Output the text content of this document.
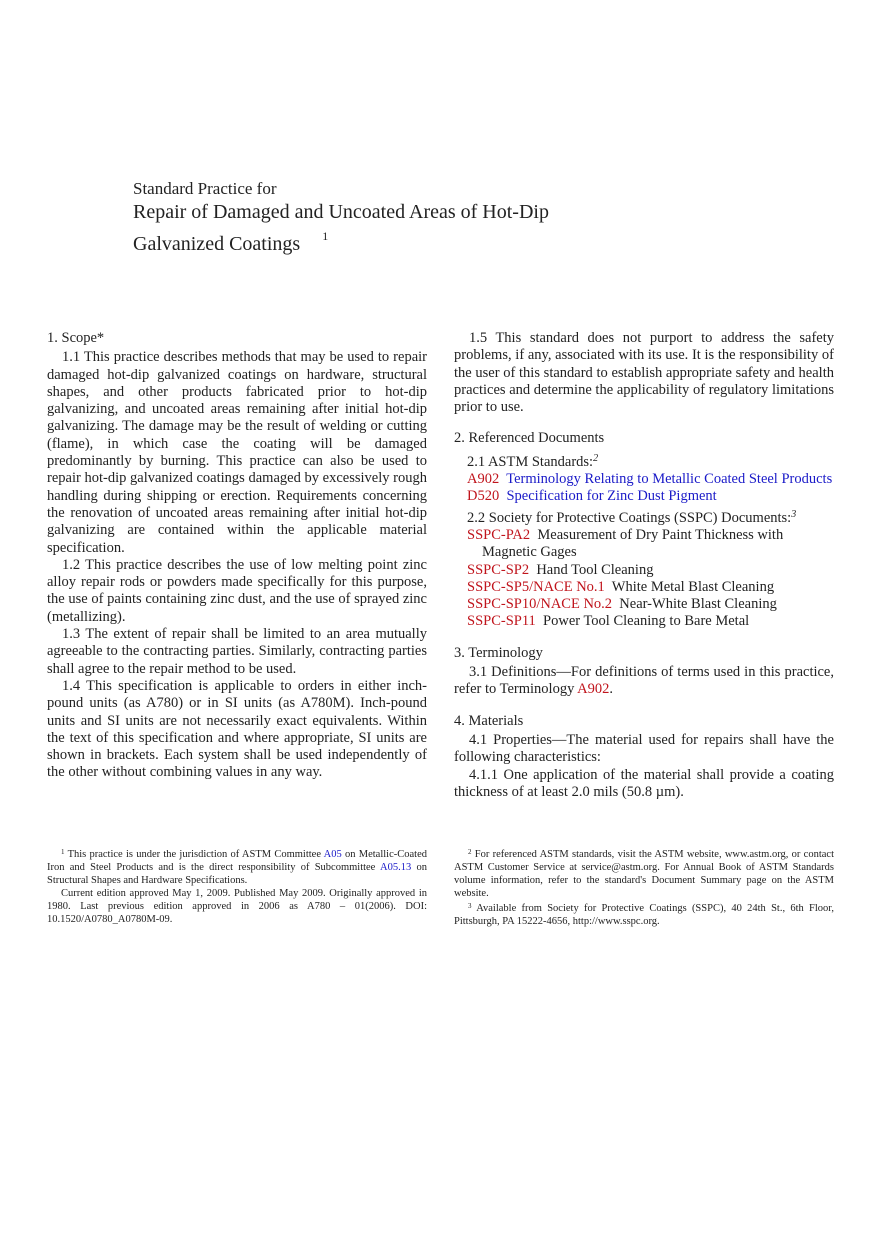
Standard Practice for
Repair of Damaged and Uncoated Areas of Hot-Dip
Galvanized Coatings $^1$
1. Scope*
1.1 This practice describes methods that may be used to repair damaged hot-dip galvanized coatings on hardware, structural shapes, and other products fabricated prior to hot-dip galvanizing, and uncoated areas remaining after initial hot-dip galvanizing. The damage may be the result of welding or cutting (flame), in which case the coating will be damaged predominantly by burning. This practice can also be used to repair hot-dip galvanized coatings damaged by excessively rough handling during shipping or erection. Requirements concerning the renovation of uncoated areas remaining after initial hot-dip galvanizing are contained within the applicable material specification.
1.2 This practice describes the use of low melting point zinc alloy repair rods or powders made specifically for this purpose, the use of paints containing zinc dust, and the use of sprayed zinc (metallizing).
1.3 The extent of repair shall be limited to an area mutually agreeable to the contracting parties. Similarly, contracting parties shall agree to the repair method to be used.
1.4 This specification is applicable to orders in either inch-pound units (as A780) or in SI units (as A780M). Inch-pound units and SI units are not necessarily exact equivalents. Within the text of this specification and where appropriate, SI units are shown in brackets. Each system shall be used independently of the other without combining values in any way.
1.5 This standard does not purport to address the safety problems, if any, associated with its use. It is the responsibility of the user of this standard to establish appropriate safety and health practices and determine the applicability of regulatory limitations prior to use.
2. Referenced Documents
2.1 ASTM Standards:$^2$
A902 Terminology Relating to Metallic Coated Steel Products
D520 Specification for Zinc Dust Pigment
2.2 Society for Protective Coatings (SSPC) Documents:$^3$
SSPC-PA2 Measurement of Dry Paint Thickness with Magnetic Gages
SSPC-SP2 Hand Tool Cleaning
SSPC-SP5/NACE No.1 White Metal Blast Cleaning
SSPC-SP10/NACE No.2 Near-White Blast Cleaning
SSPC-SP11 Power Tool Cleaning to Bare Metal
3. Terminology
3.1 Definitions—For definitions of terms used in this practice, refer to Terminology A902.
4. Materials
4.1 Properties—The material used for repairs shall have the following characteristics:
4.1.1 One application of the material shall provide a coating thickness of at least 2.0 mils (50.8 µm).
$^1$ This practice is under the jurisdiction of ASTM Committee A05 on Metallic-Coated Iron and Steel Products and is the direct responsibility of Subcommittee A05.13 on Structural Shapes and Hardware Specifications.
Current edition approved May 1, 2009. Published May 2009. Originally approved in 1980. Last previous edition approved in 2006 as A780 – 01(2006). DOI: 10.1520/A0780_A0780M-09.
$^2$ For referenced ASTM standards, visit the ASTM website, www.astm.org, or contact ASTM Customer Service at service@astm.org. For Annual Book of ASTM Standards volume information, refer to the standard's Document Summary page on the ASTM website.
$^3$ Available from Society for Protective Coatings (SSPC), 40 24th St., 6th Floor, Pittsburgh, PA 15222-4656, http://www.sspc.org.
